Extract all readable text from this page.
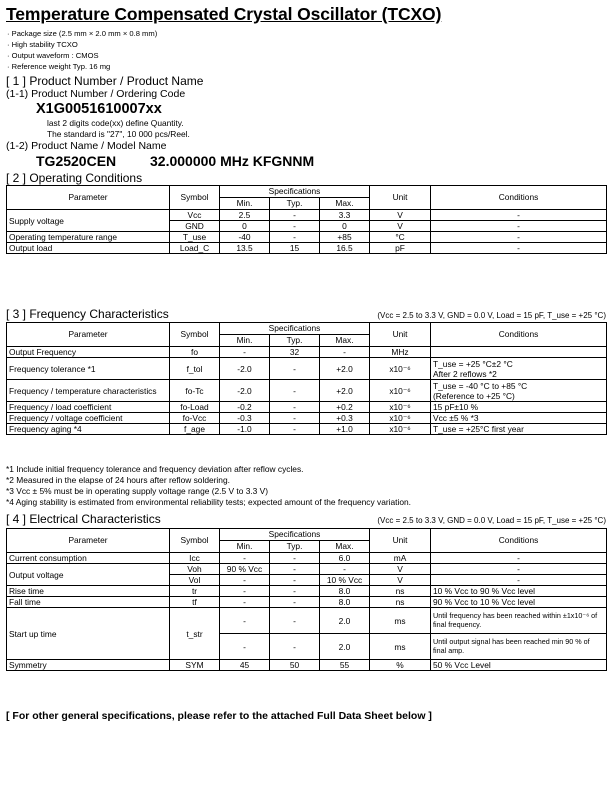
Temperature Compensated Crystal Oscillator (TCXO)
· Package size (2.5 mm × 2.0 mm × 0.8 mm)
· High stability TCXO
· Output waveform : CMOS
· Reference weight Typ. 16 mg
[ 1 ] Product Number / Product Name
(1-1) Product Number / Ordering Code
X1G0051610007xx
last 2 digits code(xx) define Quantity.
The standard is "27", 10 000 pcs/Reel.
(1-2) Product Name / Model Name
TG2520CEN 32.000000 MHz KFGNNM
[ 2 ] Operating Conditions
Parameter	Symbol	Specifications			Unit	Conditions
		Min.	Typ.	Max.		
Supply voltage	Vcc	2.5	-	3.3	V	-
	GND	0	-	0	V	-
Operating temperature range	T_use	-40	-	+85	°C	-
Output load	Load_C	13.5	15	16.5	pF	-
[ 3 ] Frequency Characteristics	(Vcc = 2.5 to 3.3 V, GND = 0.0 V, Load = 15 pF, T_use = +25 °C)
Parameter	Symbol	Specifications			Unit	Conditions
		Min.	Typ.	Max.		
Output Frequency	fo	-	32	-	MHz	
Frequency tolerance *1	f_tol	-2.0	-	+2.0	x10⁻⁶	T_use = +25 °C±2 °C
After 2 reflows *2

Frequency / temperature characteristics	fo-Tc	-2.0	-	+2.0	x10⁻⁶	T_use = -40 °C to +85 °C
(Reference to +25 °C)

Frequency / load coefficient	fo-Load	-0.2	-	+0.2	x10⁻⁶	15 pF±10 %
Frequency / voltage coefficient	fo-Vcc	-0.3	-	+0.3	x10⁻⁶	Vcc ±5 % *3
Frequency aging *4	f_age	-1.0	-	+1.0	x10⁻⁶	T_use = +25°C first year
*1 Include initial frequency tolerance and frequency deviation after reflow cycles.
*2 Measured in the elapse of 24 hours after reflow soldering.
*3 Vcc ± 5% must be in operating supply voltage range (2.5 V to 3.3 V)
*4 Aging stability is estimated from environmental reliability tests; expected amount of the frequency variation.
[ 4 ] Electrical Characteristics	(Vcc = 2.5 to 3.3 V, GND = 0.0 V, Load = 15 pF, T_use = +25 °C)
Parameter	Symbol	Specifications			Unit	Conditions
		Min.	Typ.	Max.		
Current consumption	Icc	-	-	6.0	mA	-
Output voltage	Voh	90 % Vcc	-	-	V	-
	Vol	-	-	10 % Vcc	V	-
Rise time	tr	-	-	8.0	ns	10 % Vcc to 90 % Vcc level
Fall time	tf	-	-	8.0	ns	90 % Vcc to 10 % Vcc level
Start up time	t_str	-	-	2.0	ms	Until frequency has been reached within ±1x10⁻⁶ of final frequency.
		-	-	2.0	ms	Until output signal has been reached min 90 % of final amp.
Symmetry	SYM	45	50	55	%	50 % Vcc Level
[ For other general specifications, please refer to the attached Full Data Sheet below ]
